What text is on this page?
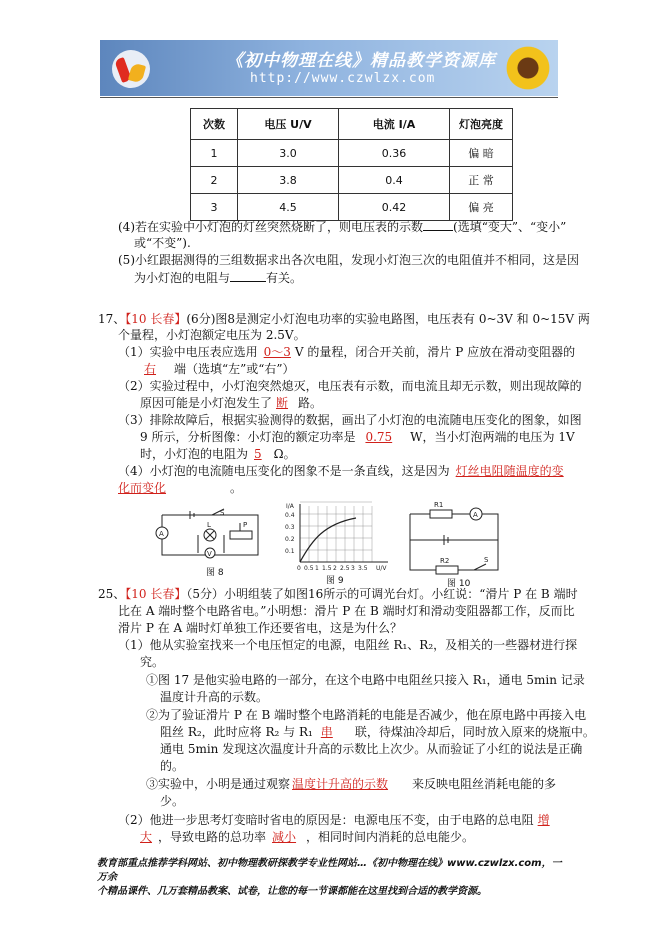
《初中物理在线》精品教学资源库
http://www.czwlzx.com
次数	电压 U/V	电流 I/A	灯泡亮度
1	3.0	0.36	偏 暗
2	3.8	0.4	正 常
3	4.5	0.42	偏 亮
(4)若在实验中小灯泡的灯丝突然烧断了，则电压表的示数	(选填“变大”、“变小”
或“不变”).
(5)小红跟据测得的三组数据求出各次电阻，发现小灯泡三次的电阻值并不相同，这是因
为小灯泡的电阻与	有关。
17、【10 长春】(6分)图8是测定小灯泡电功率的实验电路图，电压表有 0~3V 和 0~15V 两
个量程，小灯泡额定电压为 2.5V。
（1）实验中电压表应选用 0～3 V 的量程，闭合开关前，滑片 P 应放在滑动变阻器的
右 端（选填“左”或“右”）
（2）实验过程中，小灯泡突然熄灭，电压表有示数，而电流且却无示数，则出现故障的
原因可能是小灯泡发生了 断 路。
（3）排除故障后，根据实验测得的数据，画出了小灯泡的电流随电压变化的图象，如图
9 所示，分析图像：小灯泡的额定功率是 0.75 W，当小灯泡两端的电压为 1V
时，小灯泡的电阻为 5 Ω。
（4）小灯泡的电流随电压变化的图象不是一条直线，这是因为 灯丝电阻随温度的变
化而变化	。
S
A
L
V
P
图 8
I/A
U/V
0.4
0.3
0.2
0.1
0 0.5 1 1.5 2 2.5 3 3.5
图 9
R1
A
R2	S
图 10
25、【10 长春】（5分）小明组装了如图16所示的可调光台灯。小红说：“滑片 P 在 B 端时
比在 A 端时整个电路省电。”小明想：滑片 P 在 B 端时灯和滑动变阻器都工作，反而比
滑片 P 在 A 端时灯单独工作还要省电，这是为什么？
（1）他从实验室找来一个电压恒定的电源，电阻丝 R₁、R₂，及相关的一些器材进行探
究。
①图 17 是他实验电路的一部分，在这个电路中电阻丝只接入 R₁，通电 5min 记录
温度计升高的示数。
②为了验证滑片 P 在 B 端时整个电路消耗的电能是否减少，他在原电路中再接入电
阻丝 R₂，此时应将 R₂ 与 R₁ 串 联，待煤油冷却后，同时放入原来的烧瓶中。
通电 5min 发现这次温度计升高的示数比上次少。从而验证了小红的说法是正确
的。
③实验中，小明是通过观察 温度计升高的示数 来反映电阻丝消耗电能的多
少。
（2）他进一步思考灯变暗时省电的原因是：电源电压不变，由于电路的总电阻 增
大 ，导致电路的总功率 减小 ，相同时间内消耗的总电能少。
教育部重点推荐学科网站、初中物理教研探教学专业性网站…《初中物理在线》www.czwlzx.com，一万余
个精品课件、几万套精品教案、试卷，让您的每一节课都能在这里找到合适的教学资源。
